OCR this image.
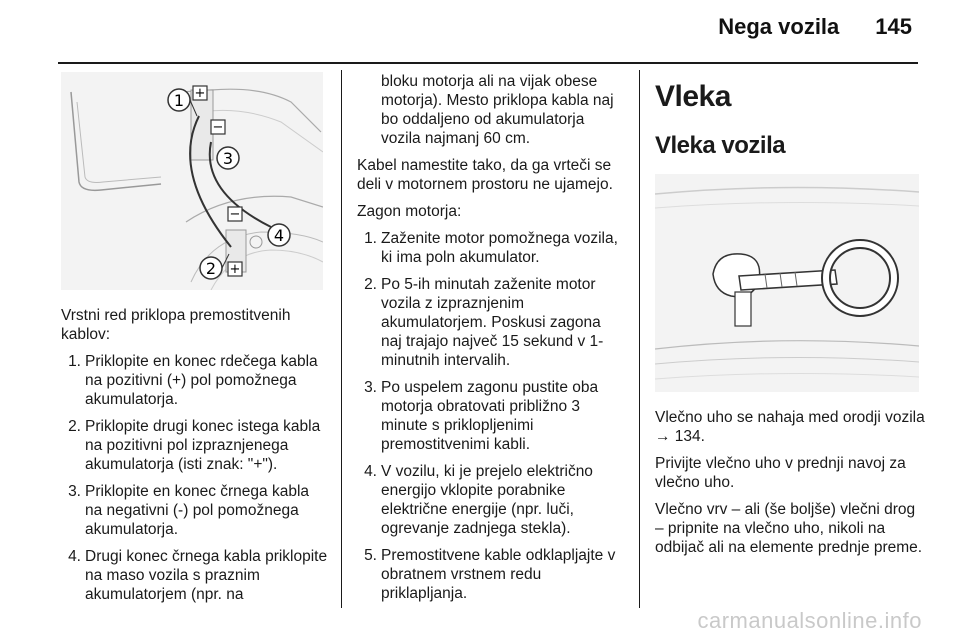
Nega vozila 145
+
−
−
+
1
2
3
4

Vrstni red priklopa premostitvenih kablov:

1. Priklopite en konec rdečega kabla na pozitivni (+) pol pomožnega akumulatorja.
2. Priklopite drugi konec istega kabla na pozitivni pol izpraznjenega akumulatorja (isti znak: "+").
3. Priklopite en konec črnega kabla na negativni (-) pol pomožnega akumulatorja.
4. Drugi konec črnega kabla priklopite na maso vozila s praznim akumulatorjem (npr. na

bloku motorja ali na vijak obese motorja). Mesto priklopa kabla naj bo oddaljeno od akumulatorja vozila najmanj 60 cm.

Kabel namestite tako, da ga vrteči se deli v motornem prostoru ne ujamejo.

Zagon motorja:

1. Zaženite motor pomožnega vozila, ki ima poln akumulator.
2. Po 5-ih minutah zaženite motor vozila z izpraznjenim akumulatorjem. Poskusi zagona naj trajajo največ 15 sekund v 1-minutnih intervalih.
3. Po uspelem zagonu pustite oba motorja obratovati približno 3 minute s priklopljenimi premostitvenimi kabli.
4. V vozilu, ki je prejelo električno energijo vklopite porabnike električne energije (npr. luči, ogrevanje zadnjega stekla).
5. Premostitvene kable odklapljajte v obratnem vrstnem redu priklapljanja.
Vleka
Vleka vozila

Vlečno uho se nahaja med orodji vozila → 134.

Privijte vlečno uho v prednji navoj za vlečno uho.

Vlečno vrv – ali (še boljše) vlečni drog – pripnite na vlečno uho, nikoli na odbijač ali na elemente prednje preme.

carmanualsonline.info
